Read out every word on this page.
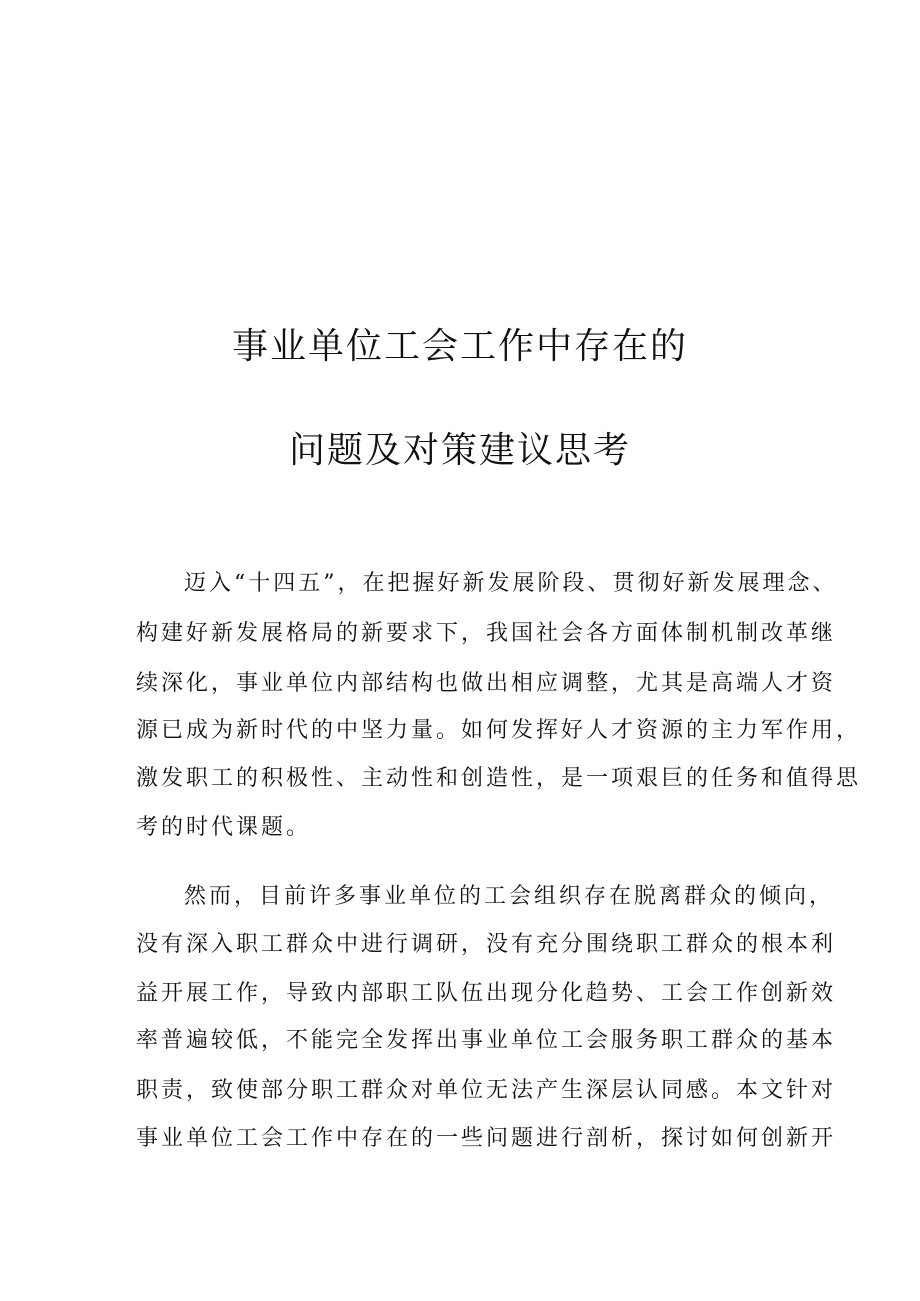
事业单位工会工作中存在的
问题及对策建议思考
迈入“十四五”，在把握好新发展阶段、贯彻好新发展理念、
构建好新发展格局的新要求下，我国社会各方面体制机制改革继
续深化，事业单位内部结构也做出相应调整，尤其是高端人才资
源已成为新时代的中坚力量。如何发挥好人才资源的主力军作用，
激发职工的积极性、主动性和创造性，是一项艰巨的任务和值得思
考的时代课题。
然而，目前许多事业单位的工会组织存在脱离群众的倾向，
没有深入职工群众中进行调研，没有充分围绕职工群众的根本利
益开展工作，导致内部职工队伍出现分化趋势、工会工作创新效
率普遍较低，不能完全发挥出事业单位工会服务职工群众的基本
职责，致使部分职工群众对单位无法产生深层认同感。本文针对
事业单位工会工作中存在的一些问题进行剖析，探讨如何创新开
